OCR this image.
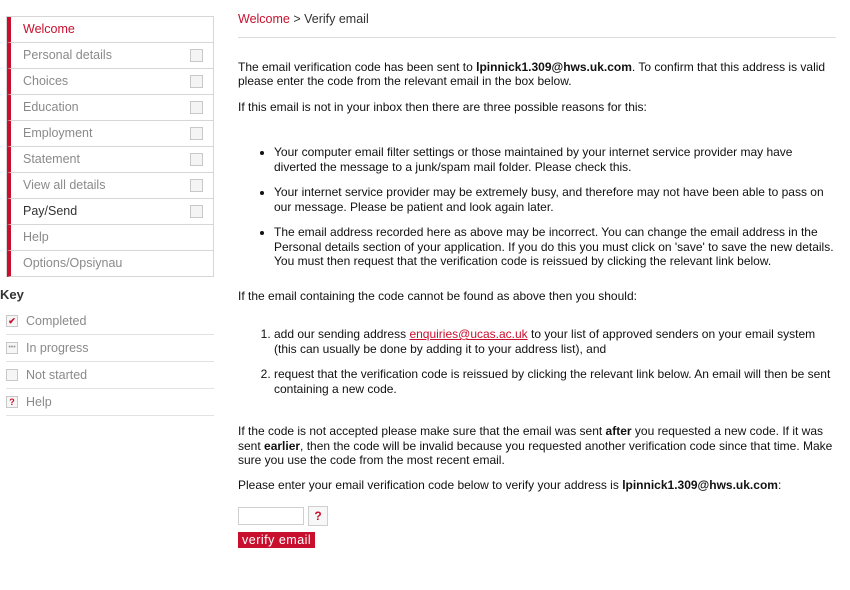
Welcome
Personal details
Choices
Education
Employment
Statement
View all details
Pay/Send
Help
Options/Opsiynau
Key
✔ Completed
••• In progress
Not started
? Help
Welcome > Verify email

The email verification code has been sent to lpinnick1.309@hws.uk.com. To confirm that this address is valid please enter the code from the relevant email in the box below.

If this email is not in your inbox then there are three possible reasons for this:

• Your computer email filter settings or those maintained by your internet service provider may have diverted the message to a junk/spam mail folder. Please check this.
• Your internet service provider may be extremely busy, and therefore may not have been able to pass on our message. Please be patient and look again later.
• The email address recorded here as above may be incorrect. You can change the email address in the Personal details section of your application. If you do this you must click on 'save' to save the new details. You must then request that the verification code is reissued by clicking the relevant link below.

If the email containing the code cannot be found as above then you should:

1. add our sending address enquiries@ucas.ac.uk to your list of approved senders on your email system (this can usually be done by adding it to your address list), and
2. request that the verification code is reissued by clicking the relevant link below. An email will then be sent containing a new code.

If the code is not accepted please make sure that the email was sent after you requested a new code. If it was sent earlier, then the code will be invalid because you requested another verification code since that time. Make sure you use the code from the most recent email.

Please enter your email verification code below to verify your address is lpinnick1.309@hws.uk.com:

?
verify email
